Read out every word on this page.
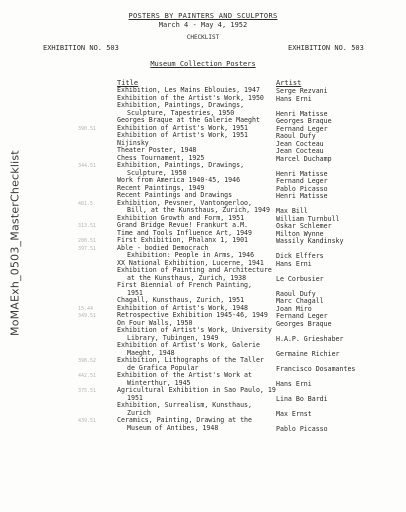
MoMAExh_0503_MasterChecklist
POSTERS BY PAINTERS AND SCULPTORS
March 4 - May 4, 1952
CHECKLIST
EXHIBITION NO. 503	EXHIBITION NO. 503
Museum Collection Posters
Title	Artist
Exhibition, Les Mains Eblouies, 1947
Exhibition of the Artist's Work, 1950
Exhibition, Paintings, Drawings,
Sculpture, Tapestries, 1950
Georges Braque at the Galerie Maeght
Exhibition of Artist's Work, 1951
Exhibition of Artist's Work, 1951
Nijinsky
Theater Poster, 1948
Chess Tournament, 1925
Exhibition, Paintings, Drawings,
Sculpture, 1950
Work from America 1940-45, 1946
Recent Paintings, 1949
Recent Paintings and Drawings
Exhibition, Pevsner, Vantongerloo,
Bill, at the Kunsthaus, Zurich, 1949
Exhibition Growth and Form, 1951
Grand Bridge Revue! Frankurt a.M.
Time and Tools Influence Art, 1949
First Exhibition, Phalanx 1, 1901
Able - bodied Democrach
Exhibition: People in Arms, 1946
XX National Exhibition, Lucerne, 1941
Exhibition of Painting and Architecture
at the Kunsthaus, Zurich, 1938
First Biennial of French Painting,
1951
Chagall, Kunsthaus, Zurich, 1951
Exhibition of Artist's Work, 1948
Retrospective Exhibition 1945-46, 1949
On Four Walls, 1950
Exhibition of Artist's Work, University
Library, Tubingen, 1949
Exhibition of Artist's Work, Galerie
Maeght, 1948
Exhibition, Lithographs of the Taller
de Grafica Popular
Exhibition of the Artist's Work at
Winterthur, 1945
Agricultural Exhibition in Sao Paulo, 19
1951
Exhibition, Surrealism, Kunsthaus,
Zurich
Ceramics, Painting, Drawing at the
Museum of Antibes, 1948
Serge Rezvani
Hans Erni
Henri Matisse
Georges Braque
Fernand Leger
Raoul Dufy
Jean Cocteau
Jean Cocteau
Marcel Duchamp
Henri Matisse
Fernand Leger
Pablo Picasso
Henri Matisse
Max Bill
William Turnbull
Oskar Schlemer
Milton Wynne
Wassily Kandinsky
Dick Elffers
Hans Erni
Le Corbusier
Raoul Dufy
Marc Chagall
Joan Miro
Fernand Leger
Georges Braque
H.A.P. Grieshaber
Germaine Richier
Francisco Dosamantes
Hans Erni
Lina Bo Bardi
Max Ernst
Pablo Picasso
390.51
344.51
481.5
313.51
200.51
397.51
15.44
349.51
398.52
442.51
375.51
439.51
